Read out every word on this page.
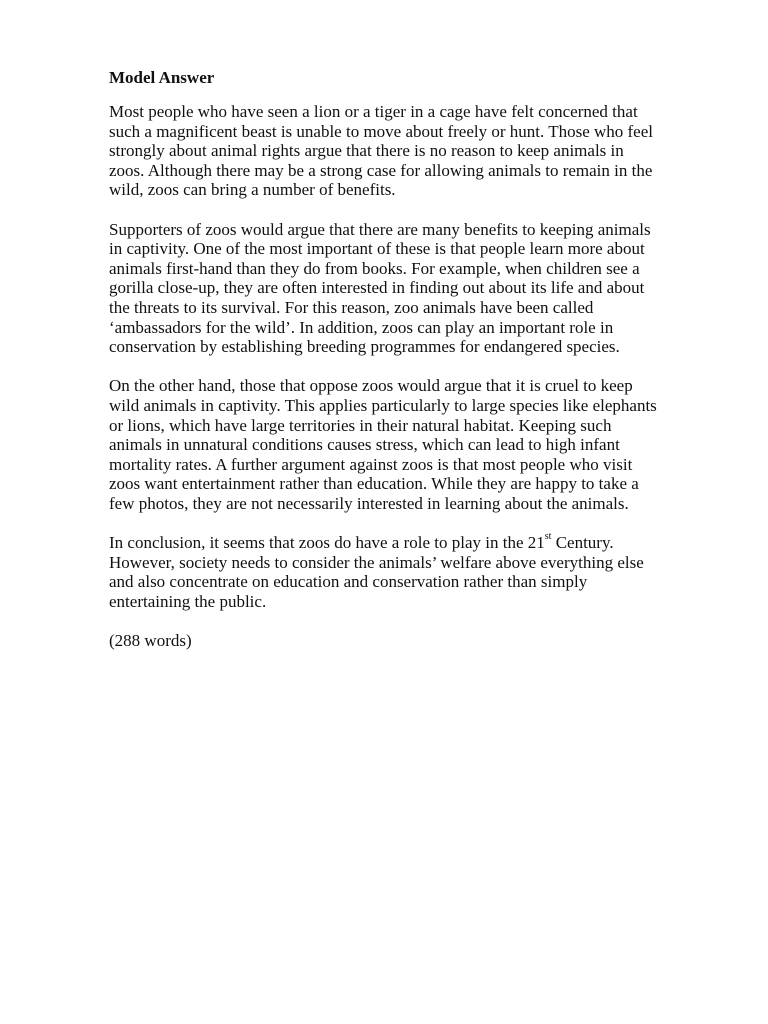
Model Answer
Most people who have seen a lion or a tiger in a cage have felt concerned that
such a magnificent beast is unable to move about freely or hunt. Those who feel
strongly about animal rights argue that there is no reason to keep animals in
zoos. Although there may be a strong case for allowing animals to remain in the
wild, zoos can bring a number of benefits.
Supporters of zoos would argue that there are many benefits to keeping animals
in captivity. One of the most important of these is that people learn more about
animals first-hand than they do from books. For example, when children see a
gorilla close-up, they are often interested in finding out about its life and about
the threats to its survival. For this reason, zoo animals have been called
‘ambassadors for the wild’. In addition, zoos can play an important role in
conservation by establishing breeding programmes for endangered species.
On the other hand, those that oppose zoos would argue that it is cruel to keep
wild animals in captivity. This applies particularly to large species like elephants
or lions, which have large territories in their natural habitat. Keeping such
animals in unnatural conditions causes stress, which can lead to high infant
mortality rates. A further argument against zoos is that most people who visit
zoos want entertainment rather than education. While they are happy to take a
few photos, they are not necessarily interested in learning about the animals.
In conclusion, it seems that zoos do have a role to play in the 21st Century.
However, society needs to consider the animals’ welfare above everything else
and also concentrate on education and conservation rather than simply
entertaining the public.
(288 words)
